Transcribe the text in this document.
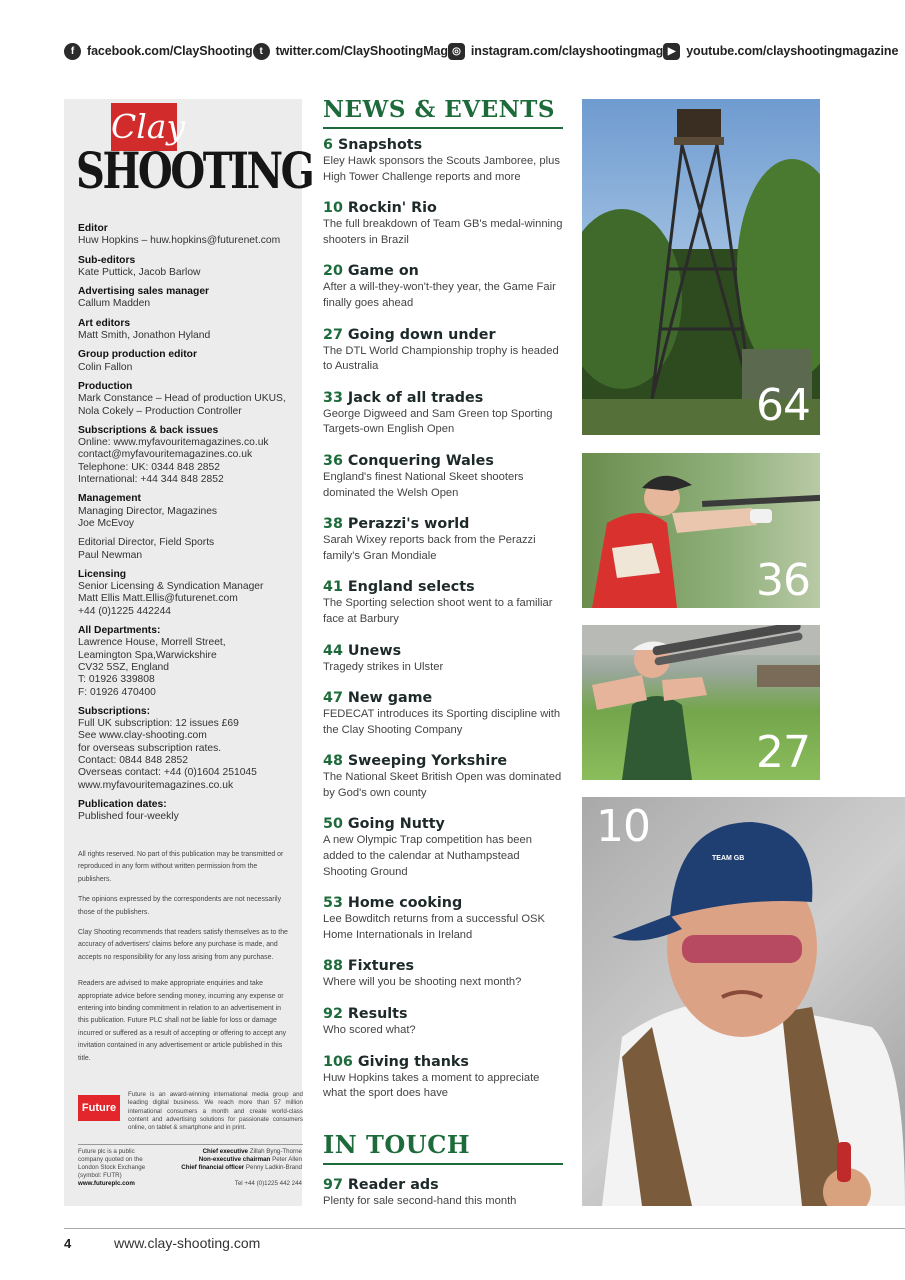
f	facebook.com/ClayShooting t	twitter.com/ClayShootingMag ◎ instagram.com/clayshootingmag ▶ youtube.com/clayshootingmagazine
Clay
SHOOTING
Editor
Huw Hopkins – huw.hopkins@futurenet.com
Sub-editors
Kate Puttick, Jacob Barlow
Advertising sales manager
Callum Madden
Art editors
Matt Smith, Jonathon Hyland
Group production editor
Colin Fallon
Production
Mark Constance – Head of production UKUS,
Nola Cokely – Production Controller
Subscriptions & back issues
Online: www.myfavouritemagazines.co.uk
contact@myfavouritemagazines.co.uk
Telephone: UK: 0344 848 2852
International: +44 344 848 2852
Management
Managing Director, Magazines
Joe McEvoy
Editorial Director, Field Sports
Paul Newman
Licensing
Senior Licensing & Syndication Manager
Matt Ellis Matt.Ellis@futurenet.com
+44 (0)1225 442244
All Departments:
Lawrence House, Morrell Street,
Leamington Spa,Warwickshire
CV32 5SZ, England
T: 01926 339808
F: 01926 470400
Subscriptions:
Full UK subscription: 12 issues £69
See www.clay-shooting.com
for overseas subscription rates.
Contact: 0844 848 2852
Overseas contact: +44 (0)1604 251045
www.myfavouritemagazines.co.uk
Publication dates:
Published four-weekly

All rights reserved. No part of this publication may be transmitted or reproduced in any form without written permission from the publishers.

The opinions expressed by the correspondents are not necessarily those of the publishers.

Clay Shooting recommends that readers satisfy themselves as to the accuracy of advertisers' claims before any purchase is made, and accepts no responsibility for any loss arising from any purchase.

Readers are advised to make appropriate enquiries and take appropriate advice before sending money, incurring any expense or entering into binding commitment in relation to an advertisement in this publication. Future PLC shall not be liable for loss or damage incurred or suffered as a result of accepting or offering to accept any invitation contained in any advertisement or article published in this title.

Future
Future is an award-winning international media group and leading digital business. We reach more than 57 million international consumers a month and create world-class content and advertising solutions for passionate consumers online, on tablet & smartphone and in print.
Future plc is a public company quoted on the London Stock Exchange (symbol: FUTR)
www.futureplc.com
Chief executive Zillah Byng-Thorne
Non-executive chairman Peter Allen
Chief financial officer Penny Ladkin-Brand
Tel +44 (0)1225 442 244
NEWS & EVENTS
6 Snapshots
Eley Hawk sponsors the Scouts Jamboree, plus High Tower Challenge reports and more
10 Rockin' Rio
The full breakdown of Team GB's medal-winning shooters in Brazil
20 Game on
After a will-they-won't-they year, the Game Fair finally goes ahead
27 Going down under
The DTL World Championship trophy is headed to Australia
33 Jack of all trades
George Digweed and Sam Green top Sporting Targets-own English Open
36 Conquering Wales
England's finest National Skeet shooters dominated the Welsh Open
38 Perazzi's world
Sarah Wixey reports back from the Perazzi family's Gran Mondiale
41 England selects
The Sporting selection shoot went to a familiar face at Barbury
44 Unews
Tragedy strikes in Ulster
47 New game
FEDECAT introduces its Sporting discipline with the Clay Shooting Company
48 Sweeping Yorkshire
The National Skeet British Open was dominated by God's own county
50 Going Nutty
A new Olympic Trap competition has been added to the calendar at Nuthampstead Shooting Ground
53 Home cooking
Lee Bowditch returns from a successful OSK Home Internationals in Ireland
88 Fixtures
Where will you be shooting next month?
92 Results
Who scored what?
106 Giving thanks
Huw Hopkins takes a moment to appreciate what the sport does have
IN TOUCH
97 Reader ads
Plenty for sale second-hand this month
64
36
27
TEAM GB
10
4	www.clay-shooting.com
